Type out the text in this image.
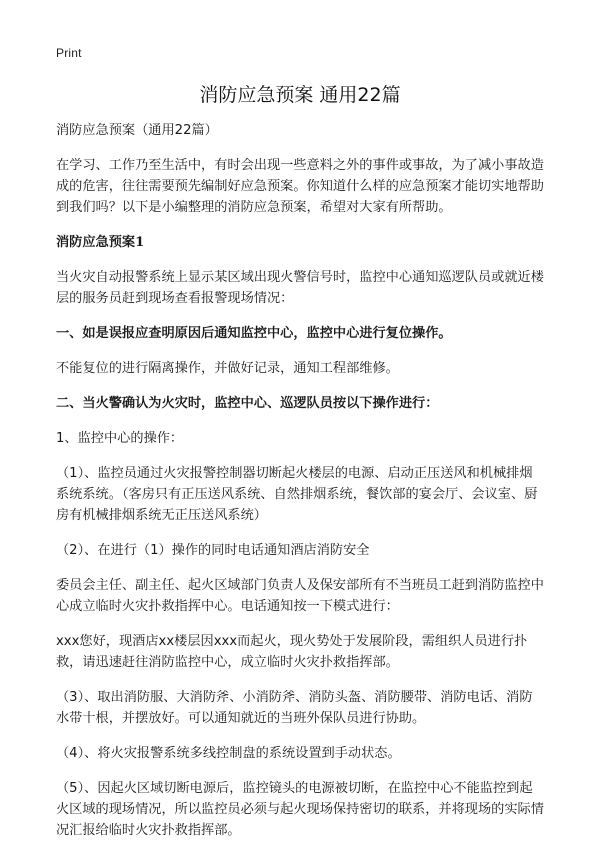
Print
消防应急预案 通用22篇

消防应急预案（通用22篇）

在学习、工作乃至生活中，有时会出现一些意料之外的事件或事故，为了减小事故造成的危害，往往需要预先编制好应急预案。你知道什么样的应急预案才能切实地帮助到我们吗？以下是小编整理的消防应急预案，希望对大家有所帮助。

消防应急预案1

当火灾自动报警系统上显示某区域出现火警信号时，监控中心通知巡逻队员或就近楼层的服务员赶到现场查看报警现场情况：

一、如是误报应查明原因后通知监控中心，监控中心进行复位操作。

不能复位的进行隔离操作，并做好记录，通知工程部维修。

二、当火警确认为火灾时，监控中心、巡逻队员按以下操作进行：

1、监控中心的操作：

（1）、监控员通过火灾报警控制器切断起火楼层的电源、启动正压送风和机械排烟系统系统。（客房只有正压送风系统、自然排烟系统，餐饮部的宴会厅、会议室、厨房有机械排烟系统无正压送风系统）

（2）、在进行（1）操作的同时电话通知酒店消防安全

委员会主任、副主任、起火区域部门负责人及保安部所有不当班员工赶到消防监控中心成立临时火灾扑救指挥中心。电话通知按一下模式进行：

xxx您好，现酒店xx楼层因xxx而起火，现火势处于发展阶段，需组织人员进行扑救，请迅速赶往消防监控中心，成立临时火灾扑救指挥部。

（3）、取出消防服、大消防斧、小消防斧、消防头盔、消防腰带、消防电话、消防水带十根，并摆放好。可以通知就近的当班外保队员进行协助。

（4）、将火灾报警系统多线控制盘的系统设置到手动状态。

（5）、因起火区域切断电源后，监控镜头的电源被切断，在监控中心不能监控到起火区域的现场情况，所以监控员必须与起火现场保持密切的联系，并将现场的实际情况汇报给临时火灾扑救指挥部。
